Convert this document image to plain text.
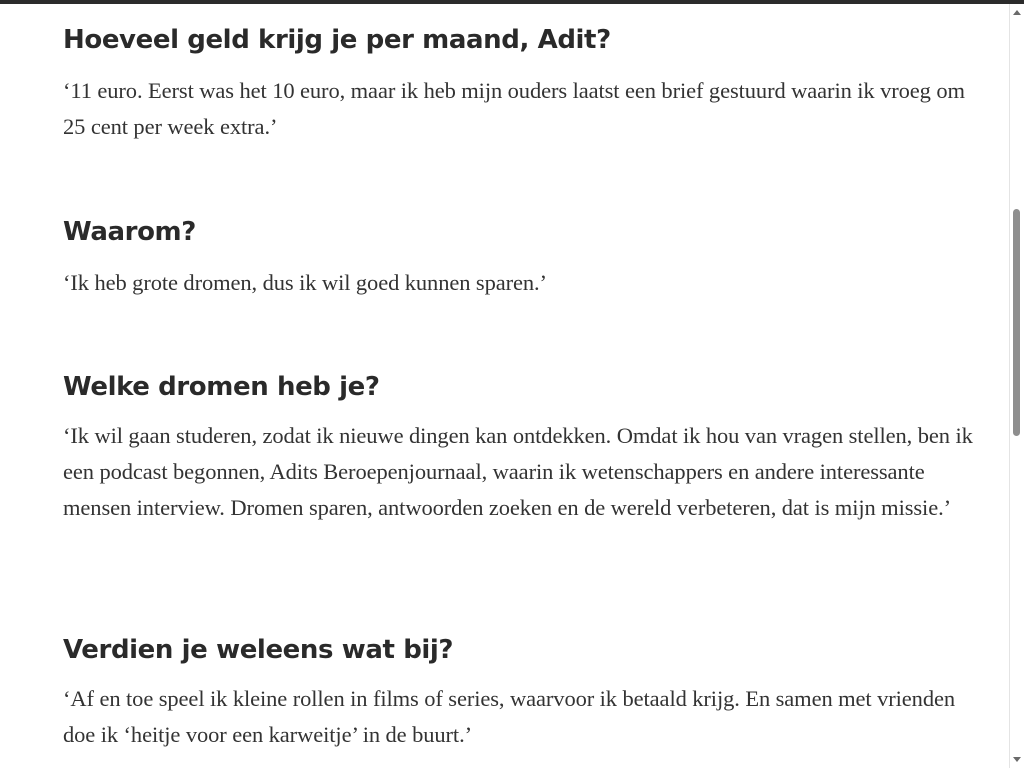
Hoeveel geld krijg je per maand, Adit?

‘11 euro. Eerst was het 10 euro, maar ik heb mijn ouders laatst een brief gestuurd waarin ik vroeg om 25 cent per week extra.’

Waarom?

‘Ik heb grote dromen, dus ik wil goed kunnen sparen.’

Welke dromen heb je?

‘Ik wil gaan studeren, zodat ik nieuwe dingen kan ontdekken. Omdat ik hou van vragen stellen, ben ik een podcast begonnen, Adits Beroepenjournaal, waarin ik wetenschappers en andere interessante mensen interview. Dromen sparen, antwoorden zoeken en de wereld verbeteren, dat is mijn missie.’

Verdien je weleens wat bij?

‘Af en toe speel ik kleine rollen in films of series, waarvoor ik betaald krijg. En samen met vrienden doe ik ‘heitje voor een karweitje’ in de buurt.’
